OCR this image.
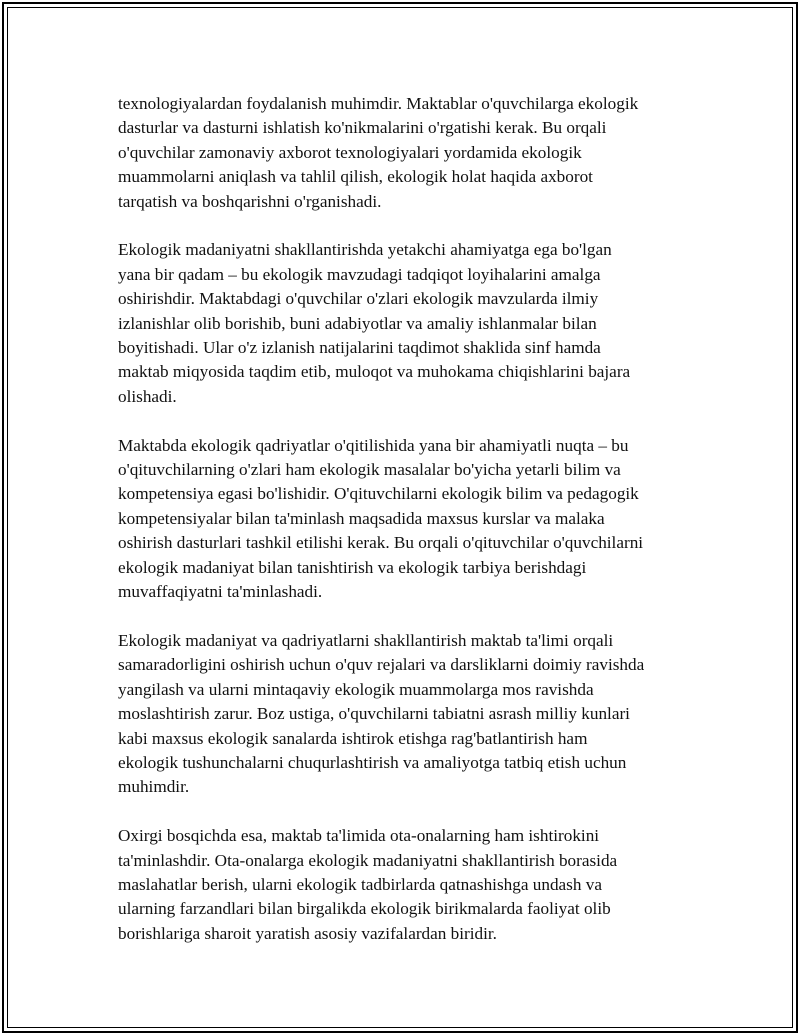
texnologiyalardan foydalanish muhimdir. Maktablar o'quvchilarga ekologik
dasturlar va dasturni ishlatish ko'nikmalarini o'rgatishi kerak. Bu orqali
o'quvchilar zamonaviy axborot texnologiyalari yordamida ekologik
muammolarni aniqlash va tahlil qilish, ekologik holat haqida axborot
tarqatish va boshqarishni o'rganishadi.

Ekologik madaniyatni shakllantirishda yetakchi ahamiyatga ega bo'lgan
yana bir qadam – bu ekologik mavzudagi tadqiqot loyihalarini amalga
oshirishdir. Maktabdagi o'quvchilar o'zlari ekologik mavzularda ilmiy
izlanishlar olib borishib, buni adabiyotlar va amaliy ishlanmalar bilan
boyitishadi. Ular o'z izlanish natijalarini taqdimot shaklida sinf hamda
maktab miqyosida taqdim etib, muloqot va muhokama chiqishlarini bajara
olishadi.

Maktabda ekologik qadriyatlar o'qitilishida yana bir ahamiyatli nuqta – bu
o'qituvchilarning o'zlari ham ekologik masalalar bo'yicha yetarli bilim va
kompetensiya egasi bo'lishidir. O'qituvchilarni ekologik bilim va pedagogik
kompetensiyalar bilan ta'minlash maqsadida maxsus kurslar va malaka
oshirish dasturlari tashkil etilishi kerak. Bu orqali o'qituvchilar o'quvchilarni
ekologik madaniyat bilan tanishtirish va ekologik tarbiya berishdagi
muvaffaqiyatni ta'minlashadi.

Ekologik madaniyat va qadriyatlarni shakllantirish maktab ta'limi orqali
samaradorligini oshirish uchun o'quv rejalari va darsliklarni doimiy ravishda
yangilash va ularni mintaqaviy ekologik muammolarga mos ravishda
moslashtirish zarur. Boz ustiga, o'quvchilarni tabiatni asrash milliy kunlari
kabi maxsus ekologik sanalarda ishtirok etishga rag'batlantirish ham
ekologik tushunchalarni chuqurlashtirish va amaliyotga tatbiq etish uchun
muhimdir.

Oxirgi bosqichda esa, maktab ta'limida ota-onalarning ham ishtirokini
ta'minlashdir. Ota-onalarga ekologik madaniyatni shakllantirish borasida
maslahatlar berish, ularni ekologik tadbirlarda qatnashishga undash va
ularning farzandlari bilan birgalikda ekologik birikmalarda faoliyat olib
borishlariga sharoit yaratish asosiy vazifalardan biridir.
